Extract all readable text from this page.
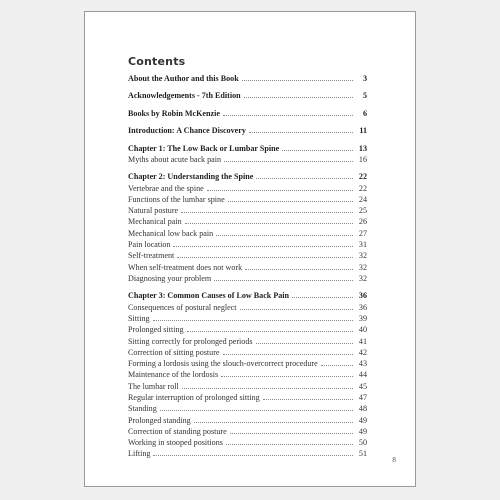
Contents
About the Author and this Book	3
Acknowledgements - 7th Edition	5
Books by Robin McKenzie	6
Introduction: A Chance Discovery	11
Chapter 1: The Low Back or Lumbar Spine	13
Myths about acute back pain	16
Chapter 2: Understanding the Spine	22
Vertebrae and the spine	22
Functions of the lumbar spine	24
Natural posture	25
Mechanical pain	26
Mechanical low back pain	27
Pain location	31
Self-treatment	32
When self-treatment does not work	32
Diagnosing your problem	32
Chapter 3: Common Causes of Low Back Pain	36
Consequences of postural neglect	36
Sitting	39
Prolonged sitting	40
Sitting correctly for prolonged periods	41
Correction of sitting posture	42
Forming a lordosis using the slouch-overcorrect procedure	43
Maintenance of the lordosis	44
The lumbar roll	45
Regular interruption of prolonged sitting	47
Standing	48
Prolonged standing	49
Correction of standing posture	49
Working in stooped positions	50
Lifting	51
8
